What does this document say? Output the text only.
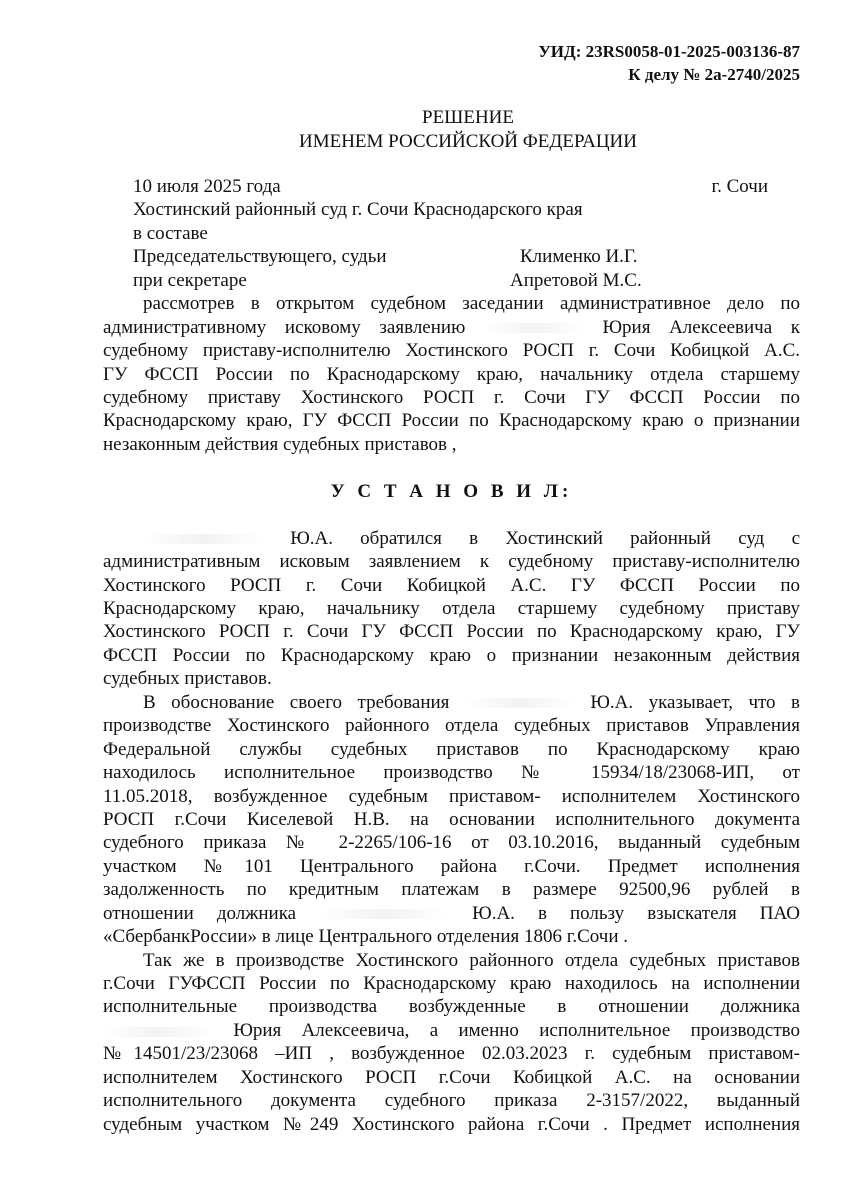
УИД: 23RS0058-01-2025-003136-87
К делу № 2а-2740/2025
РЕШЕНИЕ
ИМЕНЕМ РОССИЙСКОЙ ФЕДЕРАЦИИ
10 июля 2025 года	г. Сочи
Хостинский районный суд г. Сочи Краснодарского края
в составе
Председательствующего, судьи	Клименко И.Г.
при секретаре	Апретовой М.С.
рассмотрев в открытом судебном заседании административное дело по
административному исковому заявлению	Юрия Алексеевича к
судебному приставу-исполнителю Хостинского РОСП г. Сочи Кобицкой А.С.
ГУ ФССП России по Краснодарскому краю, начальнику отдела старшему
судебному приставу Хостинского РОСП г. Сочи ГУ ФССП России по
Краснодарскому краю, ГУ ФССП России по Краснодарскому краю о признании
незаконным действия судебных приставов ,
У С Т А Н О В И Л:
Ю.А. обратился в Хостинский районный суд с
административным исковым заявлением к судебному приставу-исполнителю
Хостинского РОСП г. Сочи Кобицкой А.С. ГУ ФССП России по
Краснодарскому краю, начальнику отдела старшему судебному приставу
Хостинского РОСП г. Сочи ГУ ФССП России по Краснодарскому краю, ГУ
ФССП России по Краснодарскому краю о признании незаконным действия
судебных приставов.
В обоснование своего требования	Ю.А. указывает, что в
производстве Хостинского районного отдела судебных приставов Управления
Федеральной службы судебных приставов по Краснодарскому краю
находилось исполнительное производство № 15934/18/23068-ИП, от
11.05.2018, возбужденное судебным приставом- исполнителем Хостинского
РОСП г.Сочи Киселевой Н.В. на основании исполнительного документа
судебного приказа № 2-2265/106-16 от 03.10.2016, выданный судебным
участком №101 Центрального района г.Сочи. Предмет исполнения
задолженность по кредитным платежам в размере 92500,96 рублей в
отношении должника	Ю.А. в пользу взыскателя ПАО
«СбербанкРоссии» в лице Центрального отделения 1806 г.Сочи .
Так же в производстве Хостинского районного отдела судебных приставов
г.Сочи ГУФССП России по Краснодарскому краю находилось на исполнении
исполнительные производства возбужденные в отношении должника
Юрия Алексеевича, а именно исполнительное производство
№14501/23/23068 –ИП , возбужденное 02.03.2023 г. судебным приставом-
исполнителем Хостинского РОСП г.Сочи Кобицкой А.С. на основании
исполнительного документа судебного приказа 2-3157/2022, выданный
судебным участком №249 Хостинского района г.Сочи . Предмет исполнения
